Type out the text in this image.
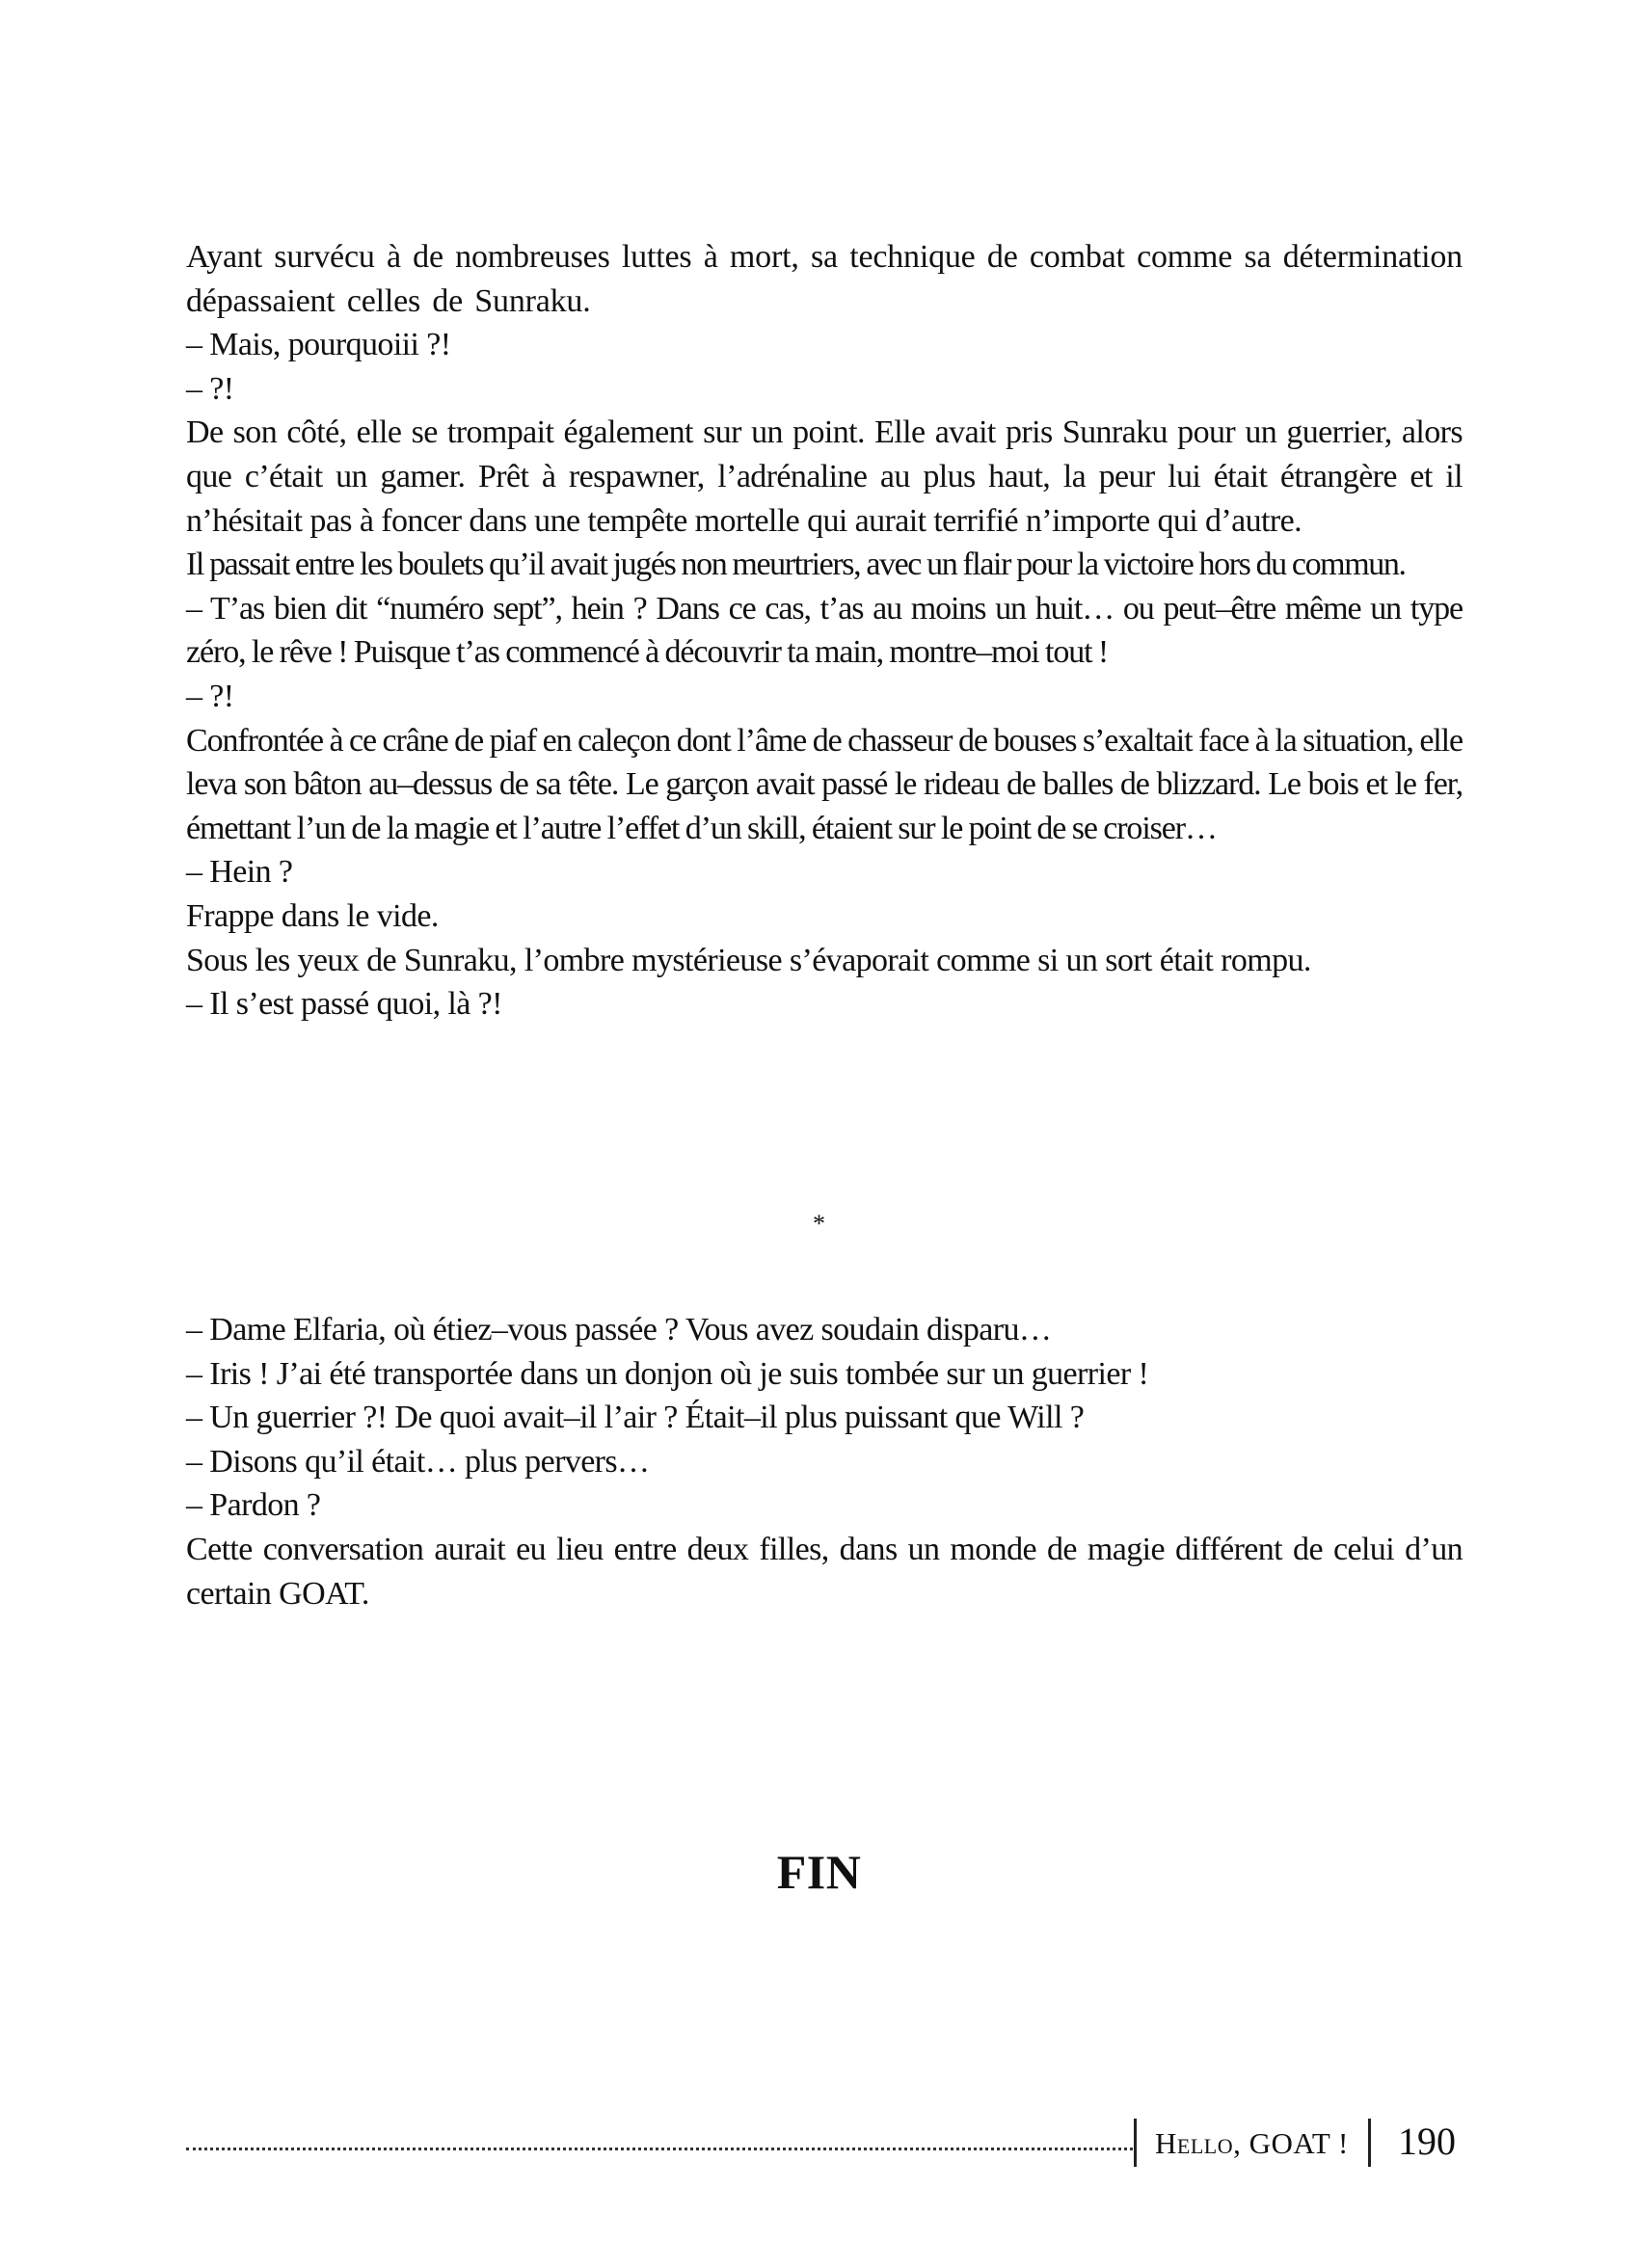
Ayant survécu à de nombreuses luttes à mort, sa technique de combat comme sa détermination dépassaient celles de Sunraku.

– Mais, pourquoiii ?!

– ?!

De son côté, elle se trompait également sur un point. Elle avait pris Sunraku pour un guerrier, alors que c’était un gamer. Prêt à respawner, l’adrénaline au plus haut, la peur lui était étrangère et il n’hésitait pas à foncer dans une tempête mortelle qui aurait terrifié n’importe qui d’autre.

Il passait entre les boulets qu’il avait jugés non meurtriers, avec un flair pour la victoire hors du commun.

– T’as bien dit “numéro sept”, hein ? Dans ce cas, t’as au moins un huit… ou peut–être même un type zéro, le rêve ! Puisque t’as commencé à découvrir ta main, montre–moi tout !

– ?!

Confrontée à ce crâne de piaf en caleçon dont l’âme de chasseur de bouses s’exaltait face à la situation, elle leva son bâton au–dessus de sa tête. Le garçon avait passé le rideau de balles de blizzard. Le bois et le fer, émettant l’un de la magie et l’autre l’effet d’un skill, étaient sur le point de se croiser…

– Hein ?

Frappe dans le vide.

Sous les yeux de Sunraku, l’ombre mystérieuse s’évaporait comme si un sort était rompu.

– Il s’est passé quoi, là ?!

*

– Dame Elfaria, où étiez–vous passée ? Vous avez soudain disparu…

– Iris ! J’ai été transportée dans un donjon où je suis tombée sur un guerrier !

– Un guerrier ?! De quoi avait–il l’air ? Était–il plus puissant que Will ?

– Disons qu’il était… plus pervers…

– Pardon ?

Cette conversation aurait eu lieu entre deux filles, dans un monde de magie différent de celui d’un certain GOAT.

FIN
Hello, GOAT ! 190
